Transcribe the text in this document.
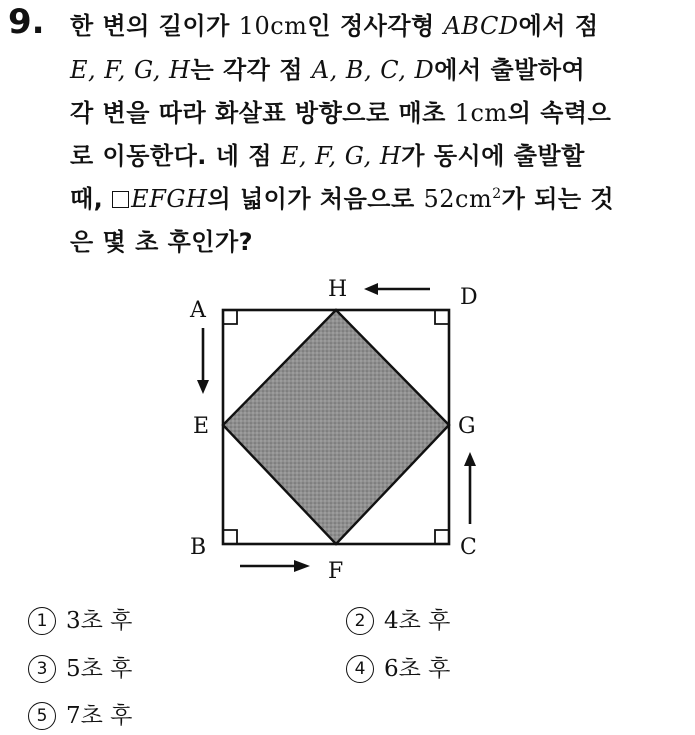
9. 한 변의 길이가 10cm인 정사각형 ABCD에서 점
E, F, G, H는 각각 점 A, B, C, D에서 출발하여
각 변을 따라 화살표 방향으로 매초 1cm의 속력으
로 이동한다. 네 점 E, F, G, H가 동시에 출발할
때, EFGH의 넓이가 처음으로 $52cm^2$가 되는 것
은 몇 초 후인가?
A
D
H
E	G
B	C
F
1 3초 후	2 4초 후
3 5초 후	4 6초 후
5 7초 후
